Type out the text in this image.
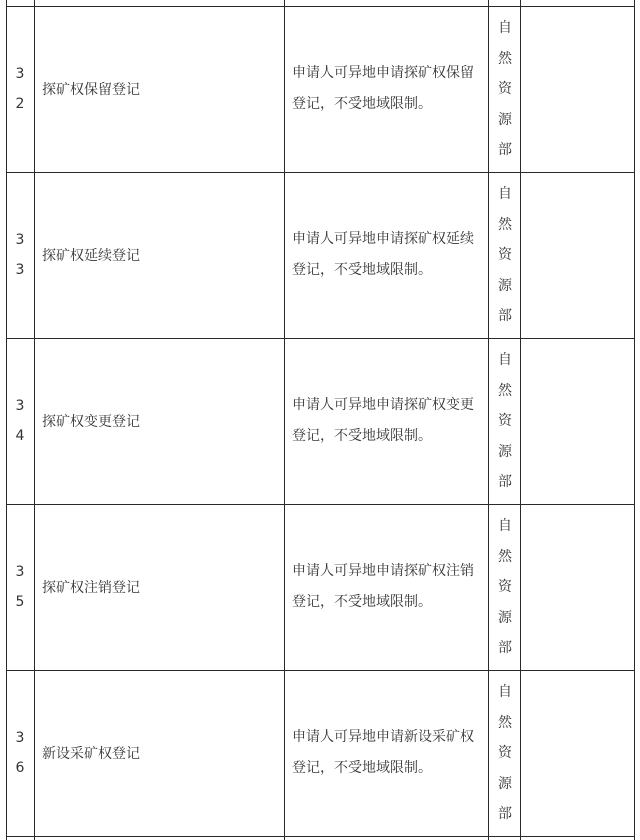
3
2
探矿权保留登记
申请人可异地申请探矿权保留
登记，不受地域限制。
自
然
资
源
部
3
3
探矿权延续登记
申请人可异地申请探矿权延续
登记，不受地域限制。
自
然
资
源
部
3
4
探矿权变更登记
申请人可异地申请探矿权变更
登记，不受地域限制。
自
然
资
源
部
3
5
探矿权注销登记
申请人可异地申请探矿权注销
登记，不受地域限制。
自
然
资
源
部
3
6
新设采矿权登记
申请人可异地申请新设采矿权
登记，不受地域限制。
自
然
资
源
部
